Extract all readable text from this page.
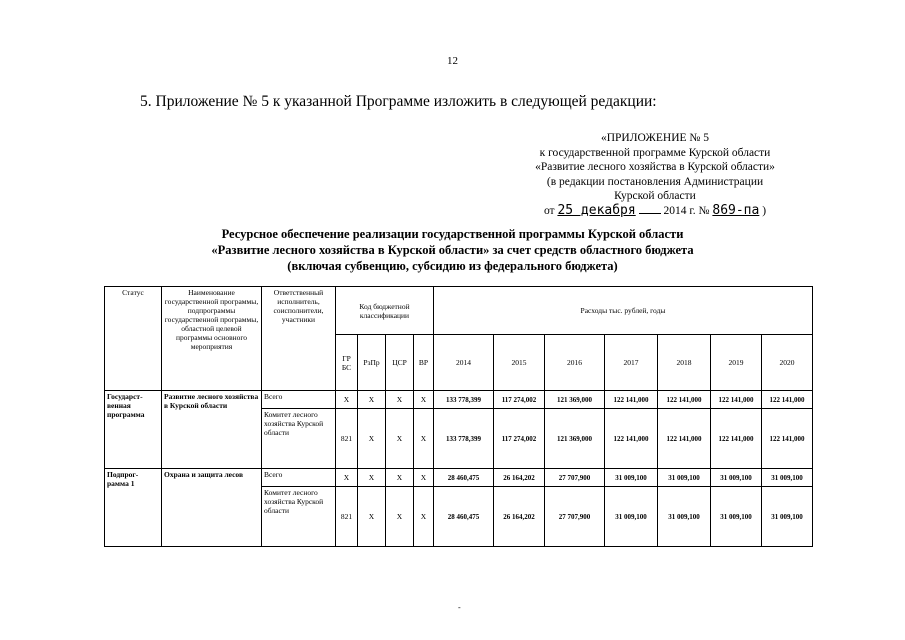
12
5. Приложение № 5 к указанной Программе изложить в следующей редакции:
«ПРИЛОЖЕНИЕ № 5
к государственной программе Курской области
«Развитие лесного хозяйства в Курской области»
(в редакции постановления Администрации
Курской области
от 25 декабря 2014 г. № 869-па )
Ресурсное обеспечение реализации государственной программы Курской области
«Развитие лесного хозяйства в Курской области» за счет средств областного бюджета
(включая субвенцию, субсидию из федерального бюджета)
Статус	Наименование государственной программы, подпрограммы государственной программы, областной целевой программы основного мероприятия	Ответственный исполнитель, соисполнители, участники	Код бюджетной классификации				Расходы тыс. рублей, годы						
			ГР БС	РзПр	ЦСР	ВР	2014	2015	2016	2017	2018	2019	2020
Государст-венная программа	Развитие лесного хозяйства в Курской области	Всего	X	X	X	X	133 778,399	117 274,002	121 369,000	122 141,000	122 141,000	122 141,000	122 141,000
		Комитет лесного хозяйства Курской области	821	X	X	X	133 778,399	117 274,002	121 369,000	122 141,000	122 141,000	122 141,000	122 141,000
Подпрог-рамма 1	Охрана и защита лесов	Всего	X	X	X	X	28 460,475	26 164,202	27 707,900	31 009,100	31 009,100	31 009,100	31 009,100
		Комитет лесного хозяйства Курской области	821	X	X	X	28 460,475	26 164,202	27 707,900	31 009,100	31 009,100	31 009,100	31 009,100
-
